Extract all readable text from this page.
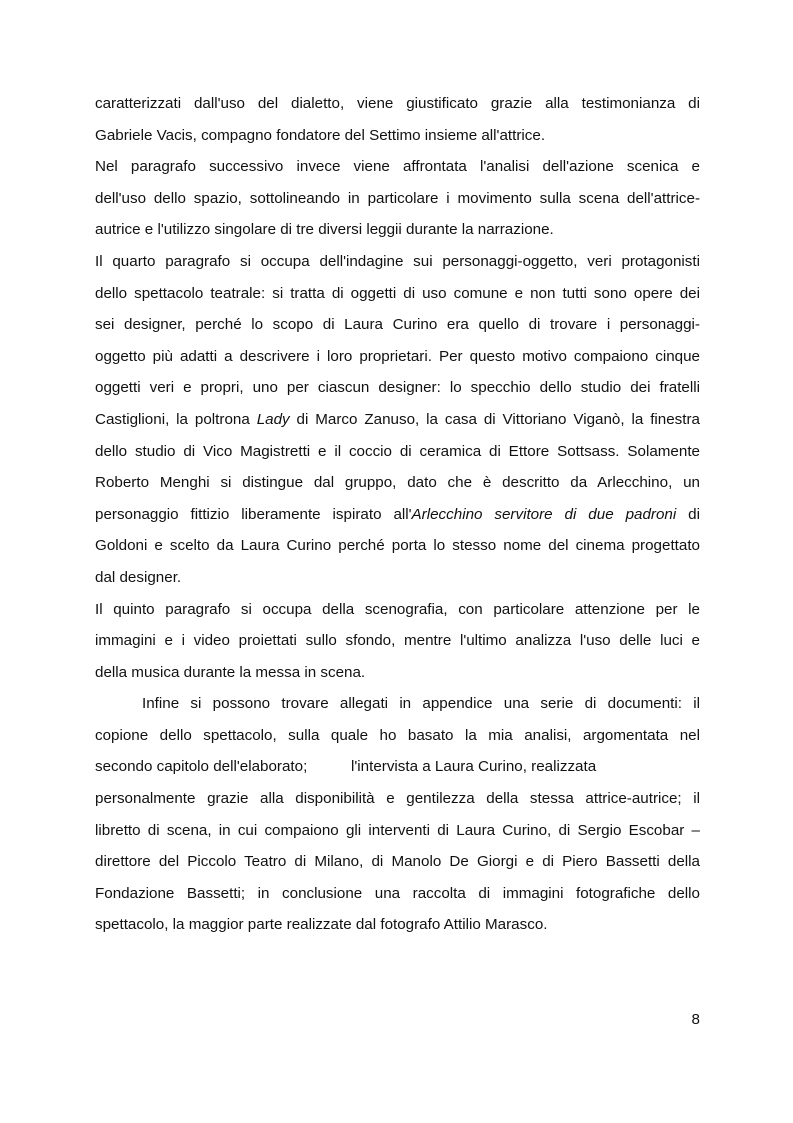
caratterizzati dall'uso del dialetto, viene giustificato grazie alla testimonianza di
Gabriele Vacis, compagno fondatore del Settimo insieme all'attrice.
Nel paragrafo successivo invece viene affrontata l'analisi dell'azione scenica e
dell'uso dello spazio, sottolineando in particolare i movimento sulla scena dell'attrice-
autrice e l'utilizzo singolare di tre diversi leggii durante la narrazione.
Il quarto paragrafo si occupa dell'indagine sui personaggi-oggetto, veri protagonisti
dello spettacolo teatrale: si tratta di oggetti di uso comune e non tutti sono opere dei
sei designer, perché lo scopo di Laura Curino era quello di trovare i personaggi-
oggetto più adatti a descrivere i loro proprietari. Per questo motivo compaiono cinque
oggetti veri e propri, uno per ciascun designer: lo specchio dello studio dei fratelli
Castiglioni, la poltrona Lady di Marco Zanuso, la casa di Vittoriano Viganò, la finestra
dello studio di Vico Magistretti e il coccio di ceramica di Ettore Sottsass. Solamente
Roberto Menghi si distingue dal gruppo, dato che è descritto da Arlecchino, un
personaggio fittizio liberamente ispirato all'Arlecchino servitore di due padroni di
Goldoni e scelto da Laura Curino perché porta lo stesso nome del cinema progettato
dal designer.
Il quinto paragrafo si occupa della scenografia, con particolare attenzione per le
immagini e i video proiettati sullo sfondo, mentre l'ultimo analizza l'uso delle luci e
della musica durante la messa in scena.
Infine si possono trovare allegati in appendice una serie di documenti: il
copione dello spettacolo, sulla quale ho basato la mia analisi, argomentata nel
secondo capitolo dell'elaborato;	l'intervista a Laura Curino, realizzata
personalmente grazie alla disponibilità e gentilezza della stessa attrice-autrice; il
libretto di scena, in cui compaiono gli interventi di Laura Curino, di Sergio Escobar –
direttore del Piccolo Teatro di Milano, di Manolo De Giorgi e di Piero Bassetti della
Fondazione Bassetti; in conclusione una raccolta di immagini fotografiche dello
spettacolo, la maggior parte realizzate dal fotografo Attilio Marasco.
8
